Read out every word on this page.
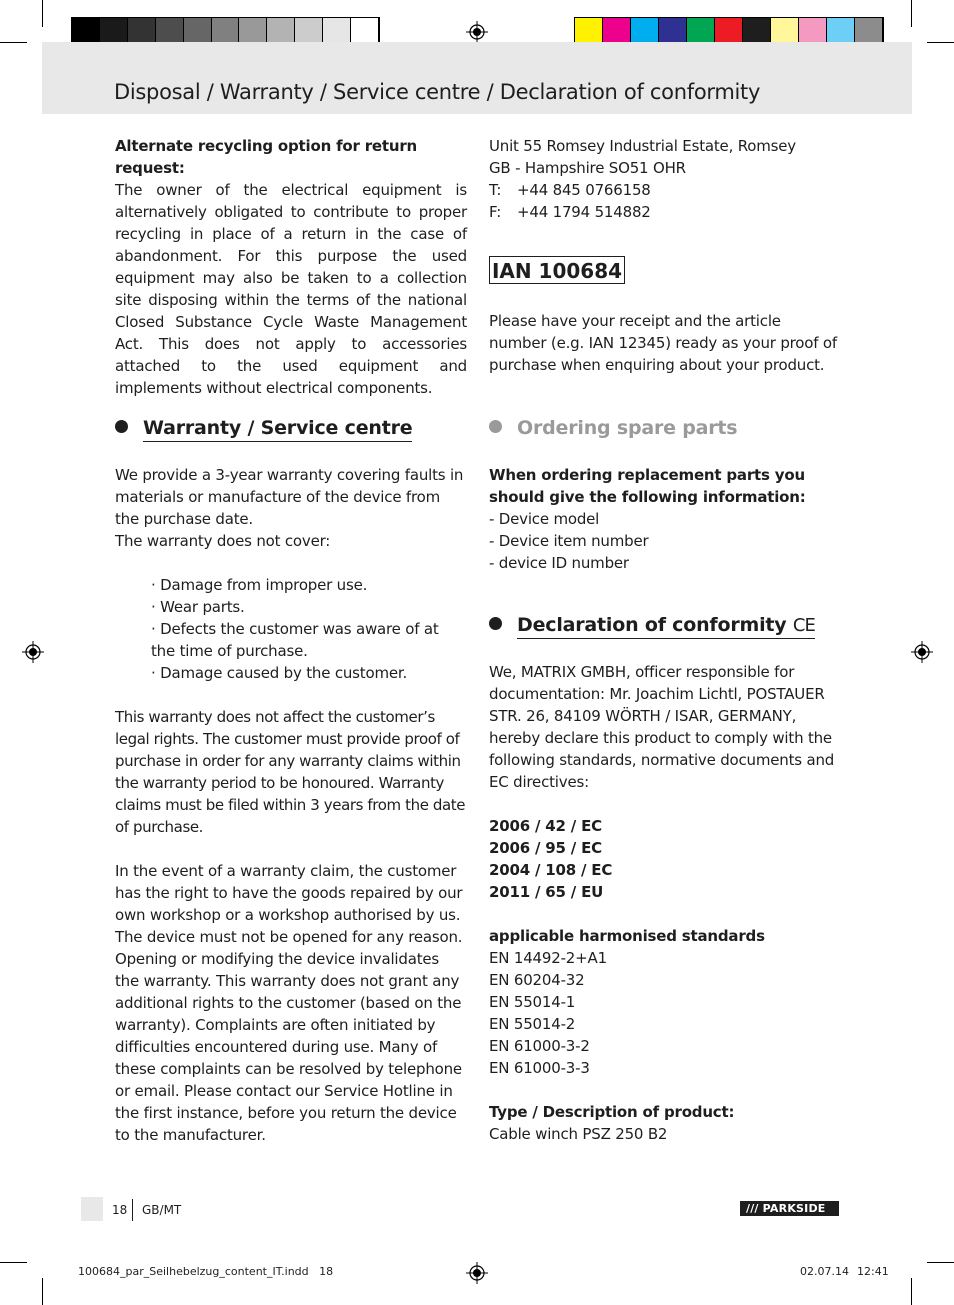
Disposal / Warranty / Service centre / Declaration of conformity

Alternate recycling option for return request:

The owner of the electrical equipment is alternatively obligated to contribute to proper recycling in place of a return in the case of abandonment. For this purpose the used equipment may also be taken to a collection site disposing within the terms of the national Closed Substance Cycle Waste Management Act. This does not apply to accessories attached to the used equipment and implements without electrical components.

Warranty / Service centre

We provide a 3-year warranty covering faults in materials or manufacture of the device from the purchase date.

The warranty does not cover:

· Damage from improper use.
· Wear parts.
· Defects the customer was aware of at the time of purchase.
· Damage caused by the customer.

This warranty does not affect the customer’s legal rights. The customer must provide proof of purchase in order for any warranty claims within the warranty period to be honoured. Warranty claims must be filed within 3 years from the date of purchase.

In the event of a warranty claim, the customer has the right to have the goods repaired by our own workshop or a workshop authorised by us. The device must not be opened for any reason. Opening or modifying the device invalidates the warranty. This warranty does not grant any additional rights to the customer (based on the warranty). Complaints are often initiated by difficulties encountered during use. Many of these complaints can be resolved by telephone or email. Please contact our Service Hotline in the first instance, before you return the device to the manufacturer.

Unit 55 Romsey Industrial Estate, Romsey

GB - Hampshire SO51 OHR

T: +44 845 0766158

F: +44 1794 514882

IAN 100684

Please have your receipt and the article number (e.g. IAN 12345) ready as your proof of purchase when enquiring about your product.

Ordering spare parts

When ordering replacement parts you should give the following information:

- Device model

- Device item number

- device ID number

Declaration of conformity CE

We, MATRIX GMBH, officer responsible for documentation: Mr. Joachim Lichtl, POSTAUER STR. 26, 84109 WÖRTH / ISAR, GERMANY, hereby declare this product to comply with the following standards, normative documents and EC directives:

2006 / 42 / EC

2006 / 95 / EC

2004 / 108 / EC

2011 / 65 / EU

applicable harmonised standards

EN 14492-2+A1

EN 60204-32

EN 55014-1

EN 55014-2

EN 61000-3-2

EN 61000-3-3

Type / Description of product:

Cable winch PSZ 250 B2

18 GB/MT	/// PARKSIDE
100684_par_Seilhebelzug_content_IT.indd   18	02.07.14 12:41
